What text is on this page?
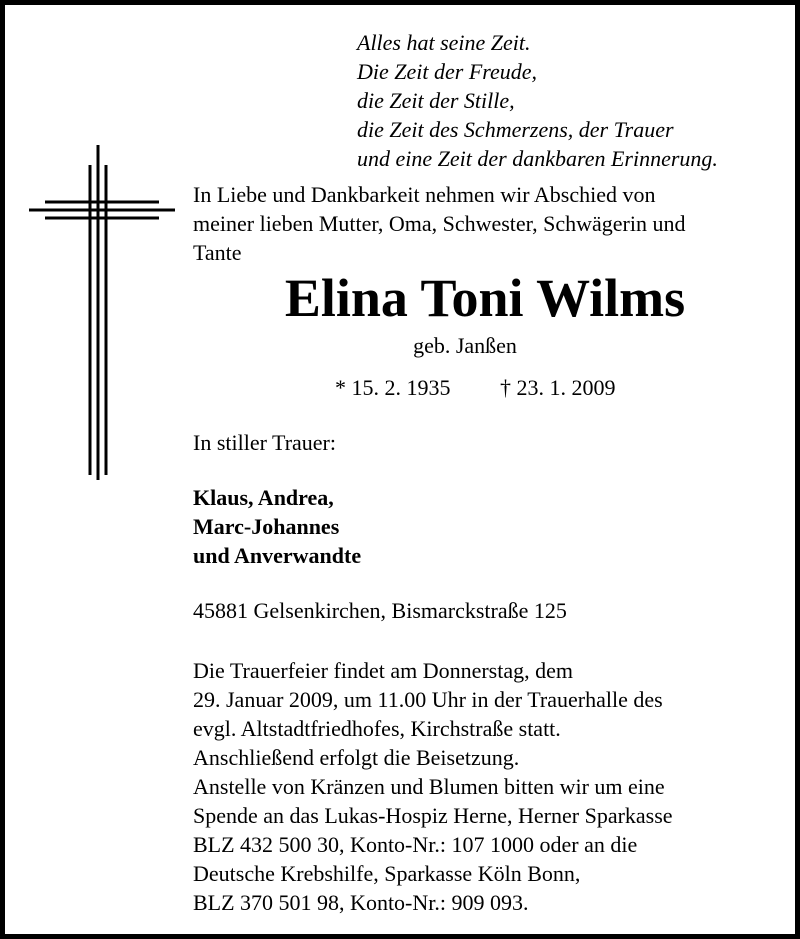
Alles hat seine Zeit.
Die Zeit der Freude,
die Zeit der Stille,
die Zeit des Schmerzens, der Trauer
und eine Zeit der dankbaren Erinnerung.
In Liebe und Dankbarkeit nehmen wir Abschied von
meiner lieben Mutter, Oma, Schwester, Schwägerin und
Tante
Elina Toni Wilms
geb. Janßen
* 15. 2. 1935 † 23. 1. 2009
In stiller Trauer:
Klaus, Andrea,
Marc-Johannes
und Anverwandte
45881 Gelsenkirchen, Bismarckstraße 125
Die Trauerfeier findet am Donnerstag, dem
29. Januar 2009, um 11.00 Uhr in der Trauerhalle des
evgl. Altstadtfriedhofes, Kirchstraße statt.
Anschließend erfolgt die Beisetzung.
Anstelle von Kränzen und Blumen bitten wir um eine
Spende an das Lukas-Hospiz Herne, Herner Sparkasse
BLZ 432 500 30, Konto-Nr.: 107 1000 oder an die
Deutsche Krebshilfe, Sparkasse Köln Bonn,
BLZ 370 501 98, Konto-Nr.: 909 093.
